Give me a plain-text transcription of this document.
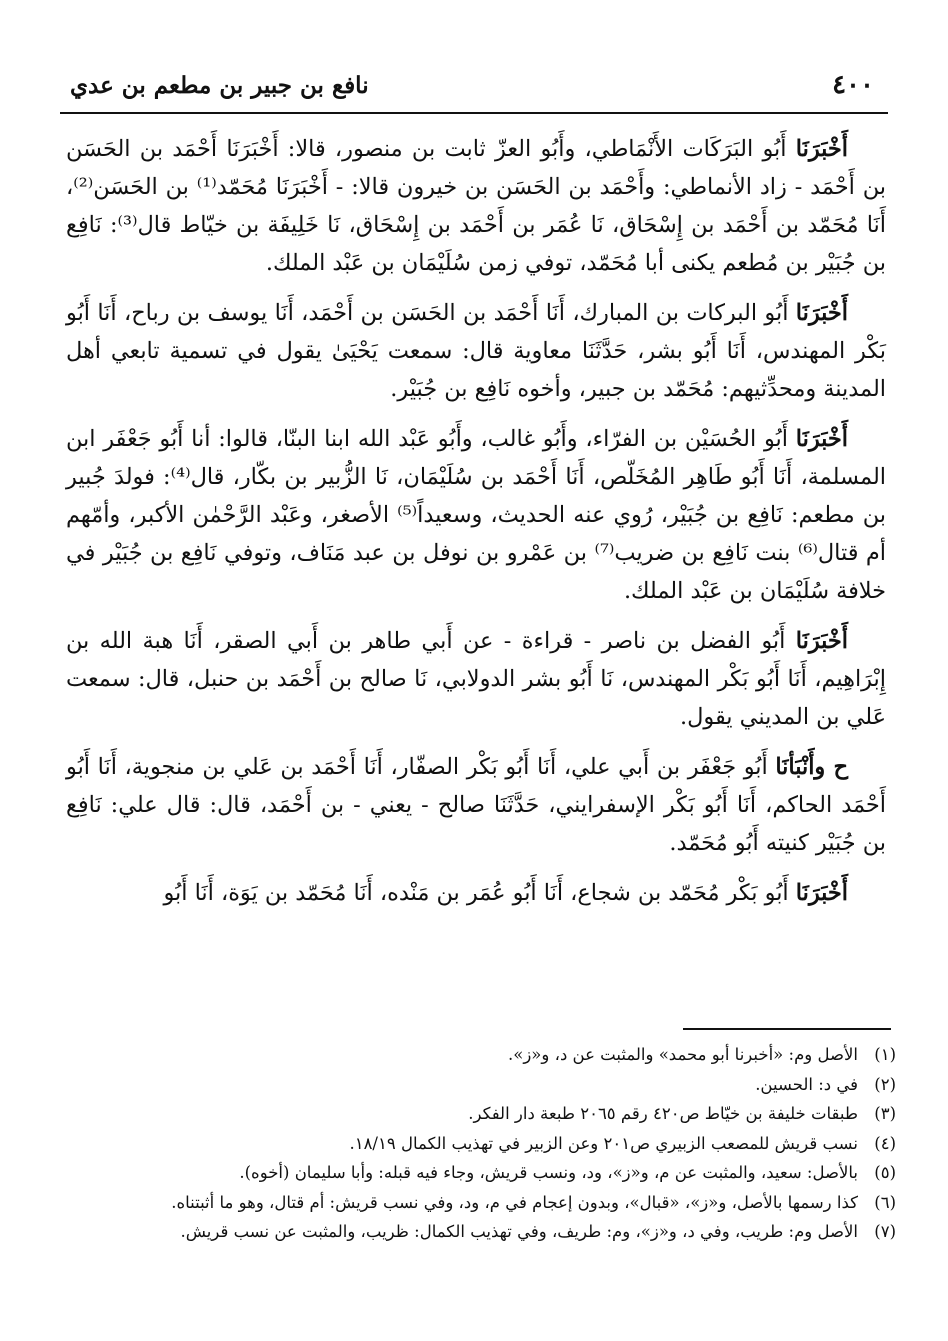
٤٠٠
نافع بن جبير بن مطعم بن عدي

أَخْبَرَنَا أَبُو البَرَكَات الأَنْمَاطي، وأَبُو العزّ ثابت بن منصور، قالا: أَخْبَرَنَا أَحْمَد بن الحَسَن بن أَحْمَد - زاد الأنماطي: وأَحْمَد بن الحَسَن بن خيرون قالا: - أَخْبَرَنَا مُحَمّد⁽¹⁾ بن الحَسَن⁽²⁾، أَنَا مُحَمّد بن أَحْمَد بن إِسْحَاق، نَا عُمَر بن أَحْمَد بن إِسْحَاق، نَا خَلِيفَة بن خيّاط قال⁽³⁾: نَافِع بن جُبَيْر بن مُطعم يكنى أبا مُحَمّد، توفي زمن سُلَيْمَان بن عَبْد الملك.

أَخْبَرَنَا أَبُو البركات بن المبارك، أَنَا أَحْمَد بن الحَسَن بن أَحْمَد، أَنَا يوسف بن رباح، أَنَا أَبُو بَكْر المهندس، أَنَا أَبُو بشر، حَدَّثَنَا معاوية قال: سمعت يَحْيَىٰ يقول في تسمية تابعي أهل المدينة ومحدِّثيهم: مُحَمّد بن جبير، وأخوه نَافِع بن جُبَيْر.

أَخْبَرَنَا أَبُو الحُسَيْن بن الفرّاء، وأَبُو غالب، وأَبُو عَبْد الله ابنا البنّا، قالوا: أنا أَبُو جَعْفَر ابن المسلمة، أَنَا أَبُو طَاهِر المُخَلّص، أَنَا أَحْمَد بن سُلَيْمَان، نَا الزُّبير بن بكّار، قال⁽⁴⁾: فولدَ جُبير بن مطعم: نَافِع بن جُبَيْر، رُوي عنه الحديث، وسعيداً⁽⁵⁾ الأصغر، وعَبْد الرَّحْمٰن الأكبر، وأمّهم أم قتال⁽⁶⁾ بنت نَافِع بن ضريب⁽⁷⁾ بن عَمْرو بن نوفل بن عبد مَنَاف، وتوفي نَافِع بن جُبَيْر في خلافة سُلَيْمَان بن عَبْد الملك.

أَخْبَرَنَا أَبُو الفضل بن ناصر - قراءة - عن أَبي طاهر بن أَبي الصقر، أَنَا هبة الله بن إِبْرَاهِيم، أَنَا أَبُو بَكْر المهندس، نَا أَبُو بشر الدولابي، نَا صالح بن أَحْمَد بن حنبل، قال: سمعت عَلي بن المديني يقول.

ح وأَنْبَأنَا أَبُو جَعْفَر بن أَبي علي، أَنَا أَبُو بَكْر الصفّار، أَنَا أَحْمَد بن عَلي بن منجوية، أَنَا أَبُو أَحْمَد الحاكم، أَنَا أَبُو بَكْر الإسفرايني، حَدَّثَنَا صالح - يعني - بن أَحْمَد، قال: قال علي: نَافِع بن جُبَيْر كنيته أَبُو مُحَمّد.

أَخْبَرَنَا أَبُو بَكْر مُحَمّد بن شجاع، أَنَا أَبُو عُمَر بن مَنْده، أَنَا مُحَمّد بن يَوَة، أَنَا أَبُو

(١)
الأصل وم: «أخبرنا أبو محمد» والمثبت عن د، و«ز».
(٢)
في د: الحسين.
(٣)
طبقات خليفة بن خيّاط ص٤٢٠ رقم ٢٠٦٥ طبعة دار الفكر.
(٤)
نسب قريش للمصعب الزبيري ص٢٠١ وعن الزبير في تهذيب الكمال ١٨/١٩.
(٥)
بالأصل: سعيد، والمثبت عن م، و«ز»، ود، ونسب قريش، وجاء فيه قبله: وأبا سليمان (أخوه).
(٦)
كذا رسمها بالأصل، و«ز»، «قبال»، وبدون إعجام في م، ود، وفي نسب قريش: أم قتال، وهو ما أثبتناه.
(٧)
الأصل وم: طريب، وفي د، و«ز»، وم: طريف، وفي تهذيب الكمال: ظريب، والمثبت عن نسب قريش.
